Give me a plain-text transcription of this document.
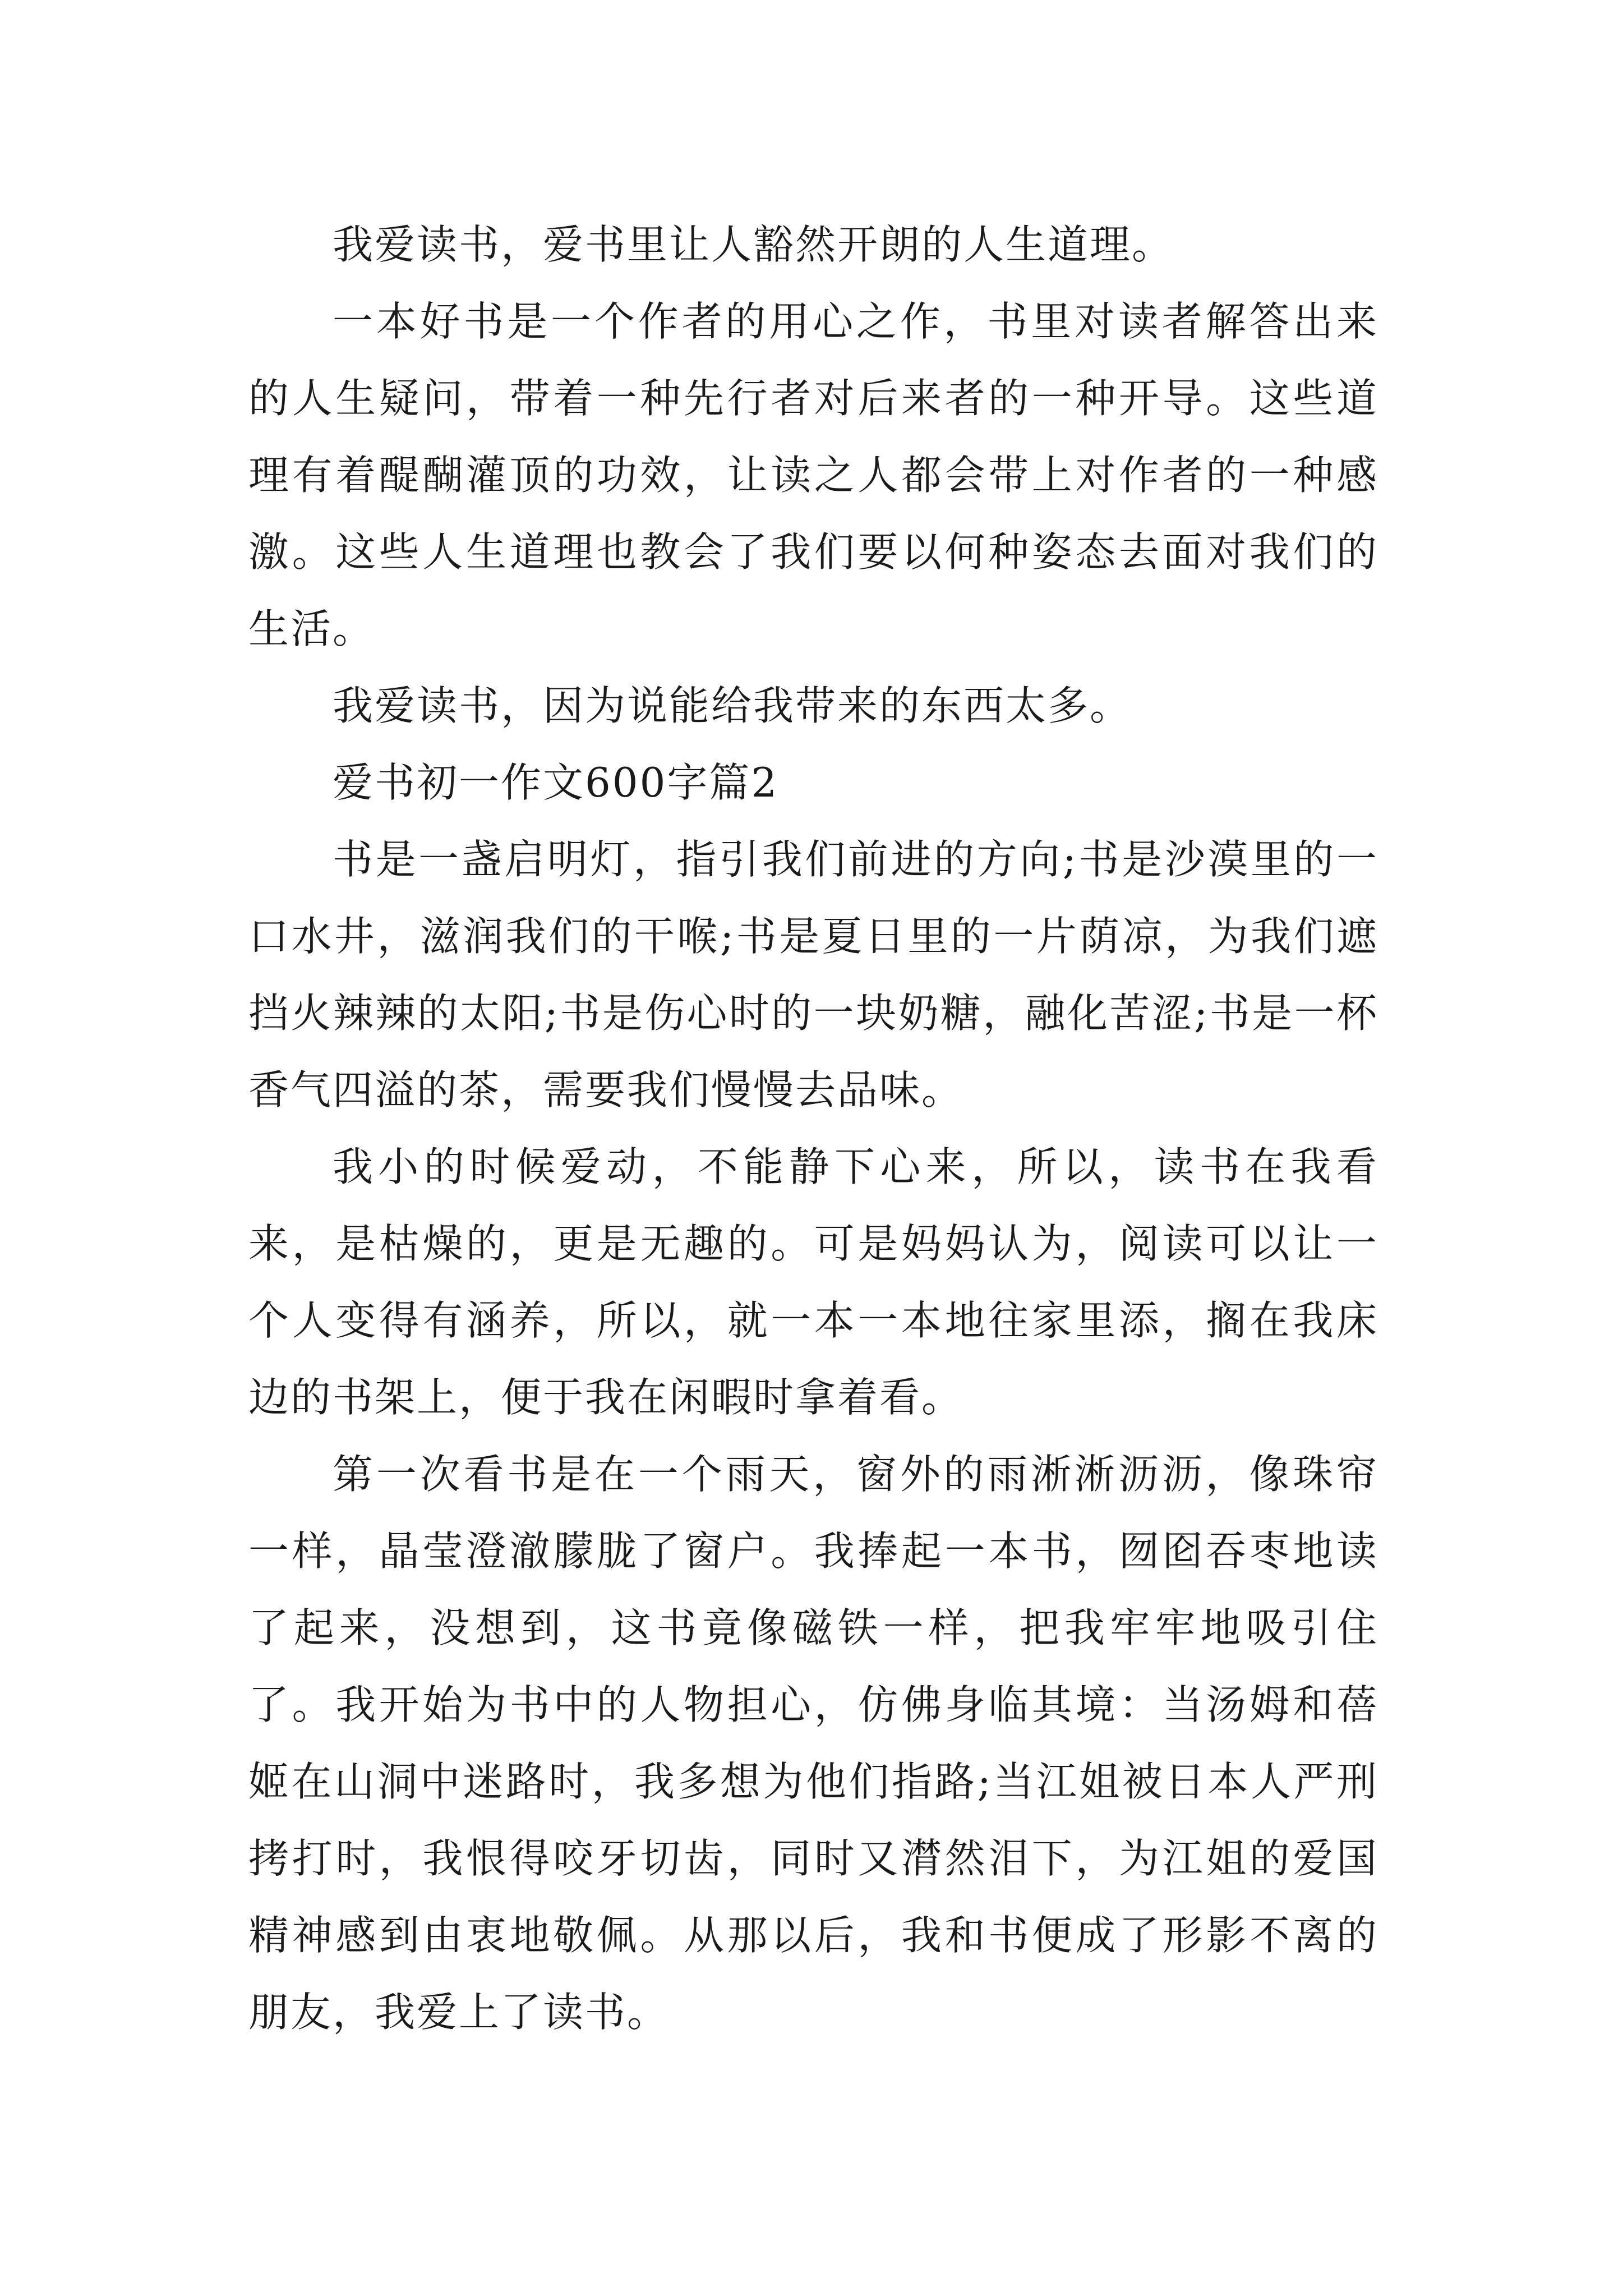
我爱读书，爱书里让人豁然开朗的人生道理。

一本好书是一个作者的用心之作，书里对读者解答出来的人生疑问，带着一种先行者对后来者的一种开导。这些道理有着醍醐灌顶的功效，让读之人都会带上对作者的一种感激。这些人生道理也教会了我们要以何种姿态去面对我们的生活。

我爱读书，因为说能给我带来的东西太多。

爱书初一作文600字篇2

书是一盏启明灯，指引我们前进的方向;书是沙漠里的一口水井，滋润我们的干喉;书是夏日里的一片荫凉，为我们遮挡火辣辣的太阳;书是伤心时的一块奶糖，融化苦涩;书是一杯香气四溢的茶，需要我们慢慢去品味。

我小的时候爱动，不能静下心来，所以，读书在我看来，是枯燥的，更是无趣的。可是妈妈认为，阅读可以让一个人变得有涵养，所以，就一本一本地往家里添，搁在我床边的书架上，便于我在闲暇时拿着看。

第一次看书是在一个雨天，窗外的雨淅淅沥沥，像珠帘一样，晶莹澄澈朦胧了窗户。我捧起一本书，囫囵吞枣地读了起来，没想到，这书竟像磁铁一样，把我牢牢地吸引住了。我开始为书中的人物担心，仿佛身临其境：当汤姆和蓓姬在山洞中迷路时，我多想为他们指路;当江姐被日本人严刑拷打时，我恨得咬牙切齿，同时又潸然泪下，为江姐的爱国精神感到由衷地敬佩。从那以后，我和书便成了形影不离的朋友，我爱上了读书。
